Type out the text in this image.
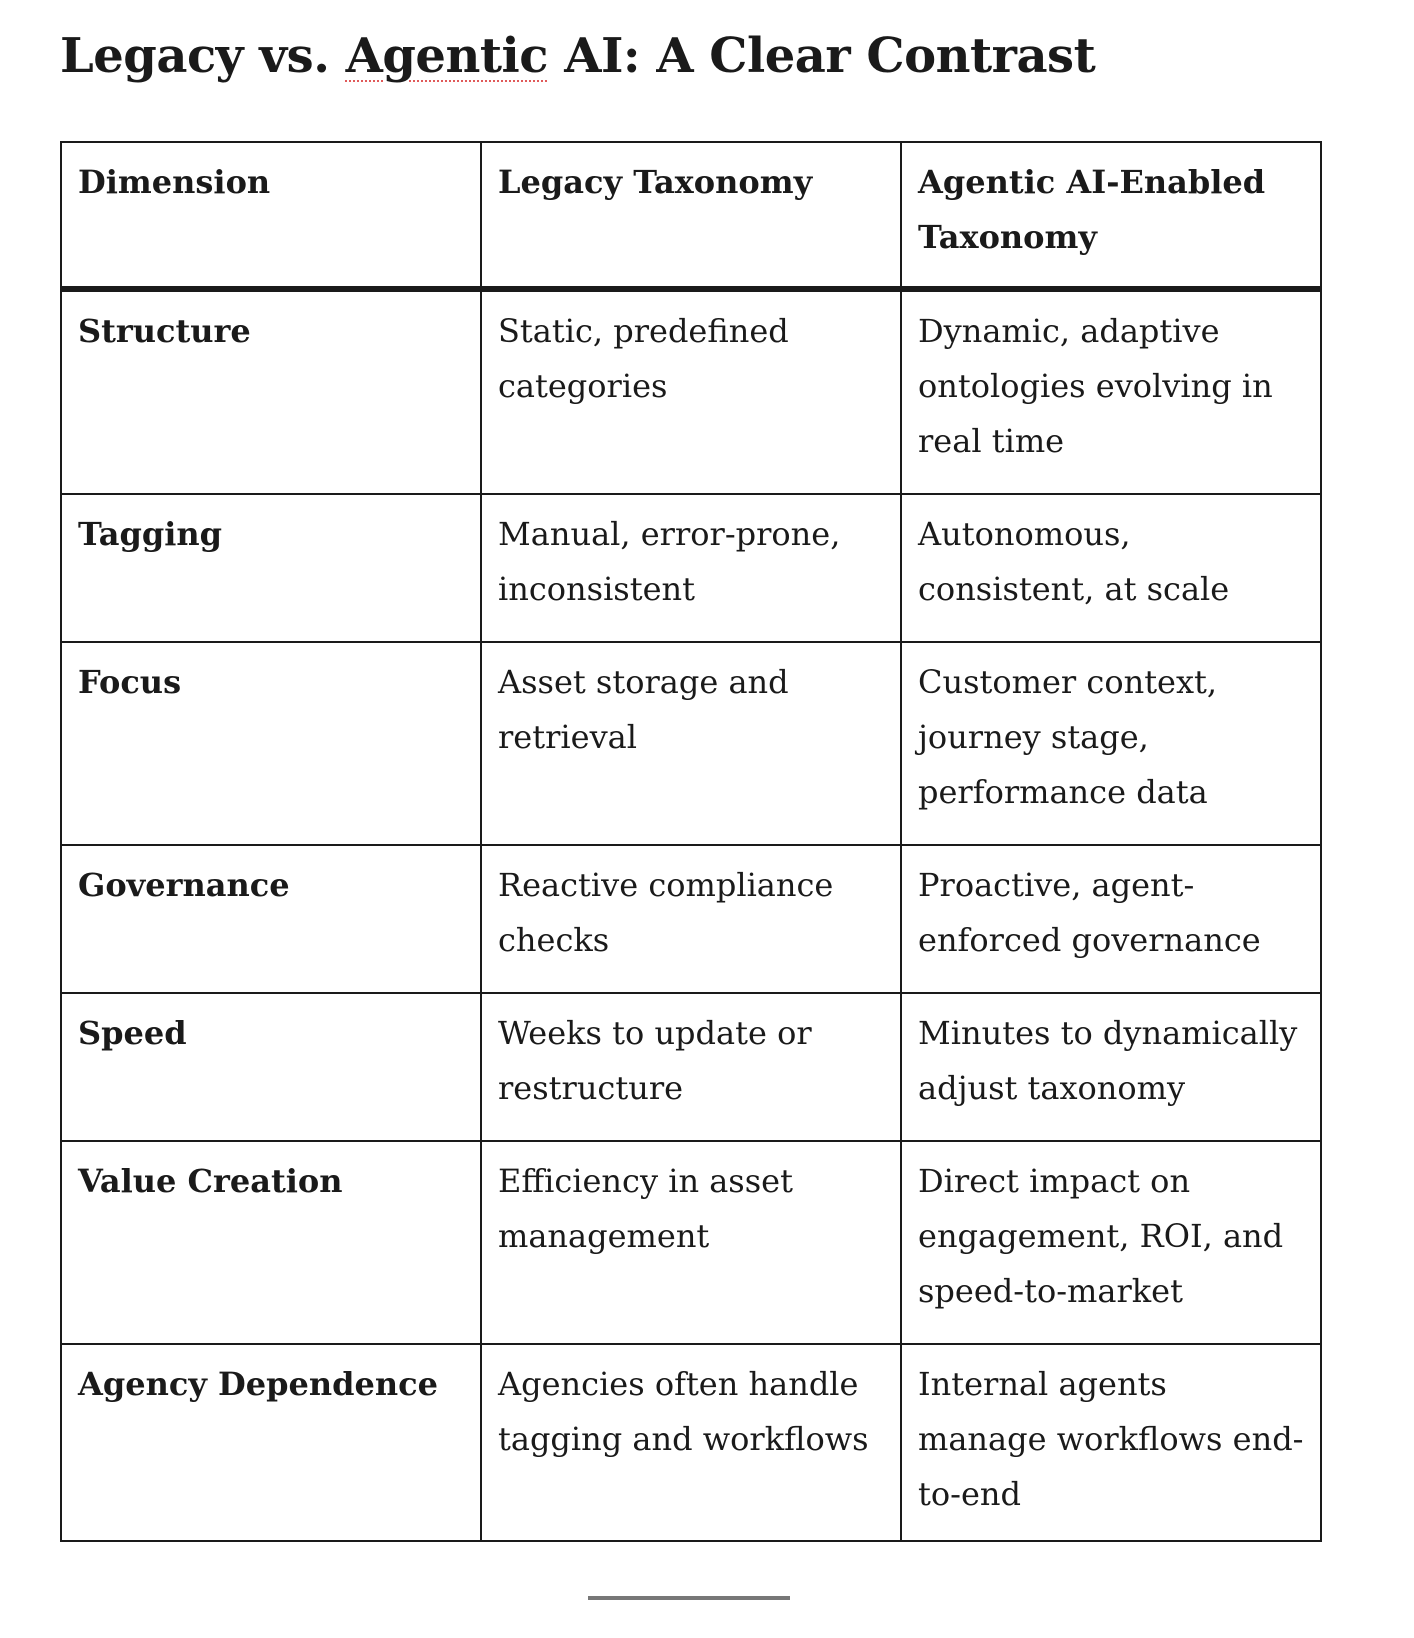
Legacy vs. Agentic AI: A Clear Contrast
Dimension	Legacy Taxonomy	Agentic AI-Enabled Taxonomy
Structure	Static, predefined categories	Dynamic, adaptive ontologies evolving in real time
Tagging	Manual, error-prone, inconsistent	Autonomous, consistent, at scale
Focus	Asset storage and retrieval	Customer context, journey stage, performance data
Governance	Reactive compliance checks	Proactive, agent-enforced governance
Speed	Weeks to update or restructure	Minutes to dynamically adjust taxonomy
Value Creation	Efficiency in asset management	Direct impact on engagement, ROI, and speed-to-market
Agency Dependence	Agencies often handle tagging and workflows	Internal agents manage workflows end-to-end
